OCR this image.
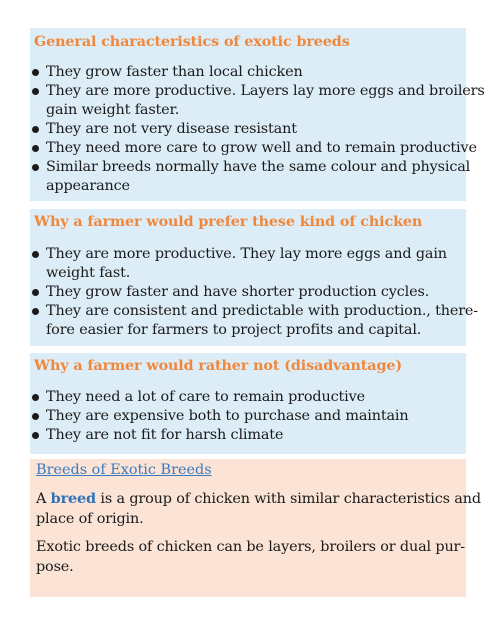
General characteristics of exotic breeds
They grow faster than local chicken
They are more productive. Layers lay more eggs and broilers
gain weight faster.
They are not very disease resistant
They need more care to grow well and to remain productive
Similar breeds normally have the same colour and physical
appearance
Why a farmer would prefer these kind of chicken
They are more productive. They lay more eggs and gain
weight fast.
They grow faster and have shorter production cycles.
They are consistent and predictable with production., there-
fore easier for farmers to project profits and capital.
Why a farmer would rather not (disadvantage)
They need a lot of care to remain productive
They are expensive both to purchase and maintain
They are not fit for harsh climate
Breeds of Exotic Breeds

A breed is a group of chicken with similar characteristics and
place of origin.

Exotic breeds of chicken can be layers, broilers or dual pur-
pose.
